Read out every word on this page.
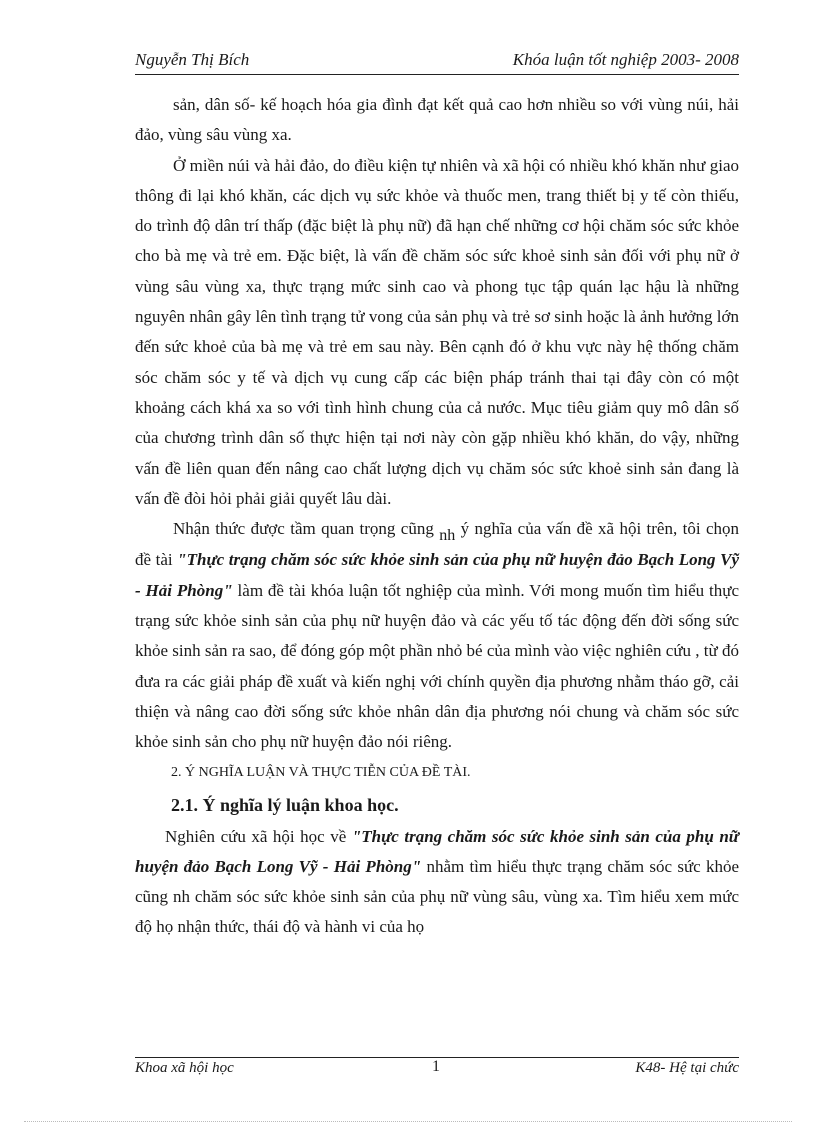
Nguyễn Thị Bích	Khóa luận tốt nghiệp 2003- 2008

sản, dân số- kế hoạch hóa gia đình đạt kết quả cao hơn nhiều so với vùng núi, hải đảo, vùng sâu vùng xa.

Ở miền núi và hải đảo, do điều kiện tự nhiên và xã hội có nhiều khó khăn như giao thông đi lại khó khăn, các dịch vụ sức khỏe và thuốc men, trang thiết bị y tế còn thiếu, do trình độ dân trí thấp (đặc biệt là phụ nữ) đã hạn chế những cơ hội chăm sóc sức khỏe cho bà mẹ và trẻ em. Đặc biệt, là vấn đề chăm sóc sức khoẻ sinh sản đối với phụ nữ ở vùng sâu vùng xa, thực trạng mức sinh cao và phong tục tập quán lạc hậu là những nguyên nhân gây lên tình trạng tử vong của sản phụ và trẻ sơ sinh hoặc là ảnh hưởng lớn đến sức khoẻ của bà mẹ và trẻ em sau này. Bên cạnh đó ở khu vực này hệ thống chăm sóc chăm sóc y tế và dịch vụ cung cấp các biện pháp tránh thai tại đây còn có một khoảng cách khá xa so với tình hình chung của cả nước. Mục tiêu giảm quy mô dân số của chương trình dân số thực hiện tại nơi này còn gặp nhiều khó khăn, do vậy, những vấn đề liên quan đến nâng cao chất lượng dịch vụ chăm sóc sức khoẻ sinh sản đang là vấn đề đòi hỏi phải giải quyết lâu dài.

Nhận thức được tầm quan trọng cũng nh ý nghĩa của vấn đề xã hội trên, tôi chọn đề tài "Thực trạng chăm sóc sức khỏe sinh sản của phụ nữ huyện đảo Bạch Long Vỹ - Hải Phòng" làm đề tài khóa luận tốt nghiệp của mình. Với mong muốn tìm hiểu thực trạng sức khỏe sinh sản của phụ nữ huyện đảo và các yếu tố tác động đến đời sống sức khỏe sinh sản ra sao, để đóng góp một phần nhỏ bé của mình vào việc nghiên cứu , từ đó đưa ra các giải pháp đề xuất và kiến nghị với chính quyền địa phương nhằm tháo gỡ, cải thiện và nâng cao đời sống sức khỏe nhân dân địa phương nói chung và chăm sóc sức khỏe sinh sản cho phụ nữ huyện đảo nói riêng.

2. Ý NGHĨA LUẬN VÀ THỰC TIỄN CỦA ĐỀ TÀI.

2.1. Ý nghĩa lý luận khoa học.

Nghiên cứu xã hội học về "Thực trạng chăm sóc sức khỏe sinh sản của phụ nữ huyện đảo Bạch Long Vỹ - Hải Phòng" nhằm tìm hiểu thực trạng chăm sóc sức khỏe cũng nh chăm sóc sức khỏe sinh sản của phụ nữ vùng sâu, vùng xa. Tìm hiểu xem mức độ họ nhận thức, thái độ và hành vi của họ

Khoa xã hội học	1	K48- Hệ tại chức
